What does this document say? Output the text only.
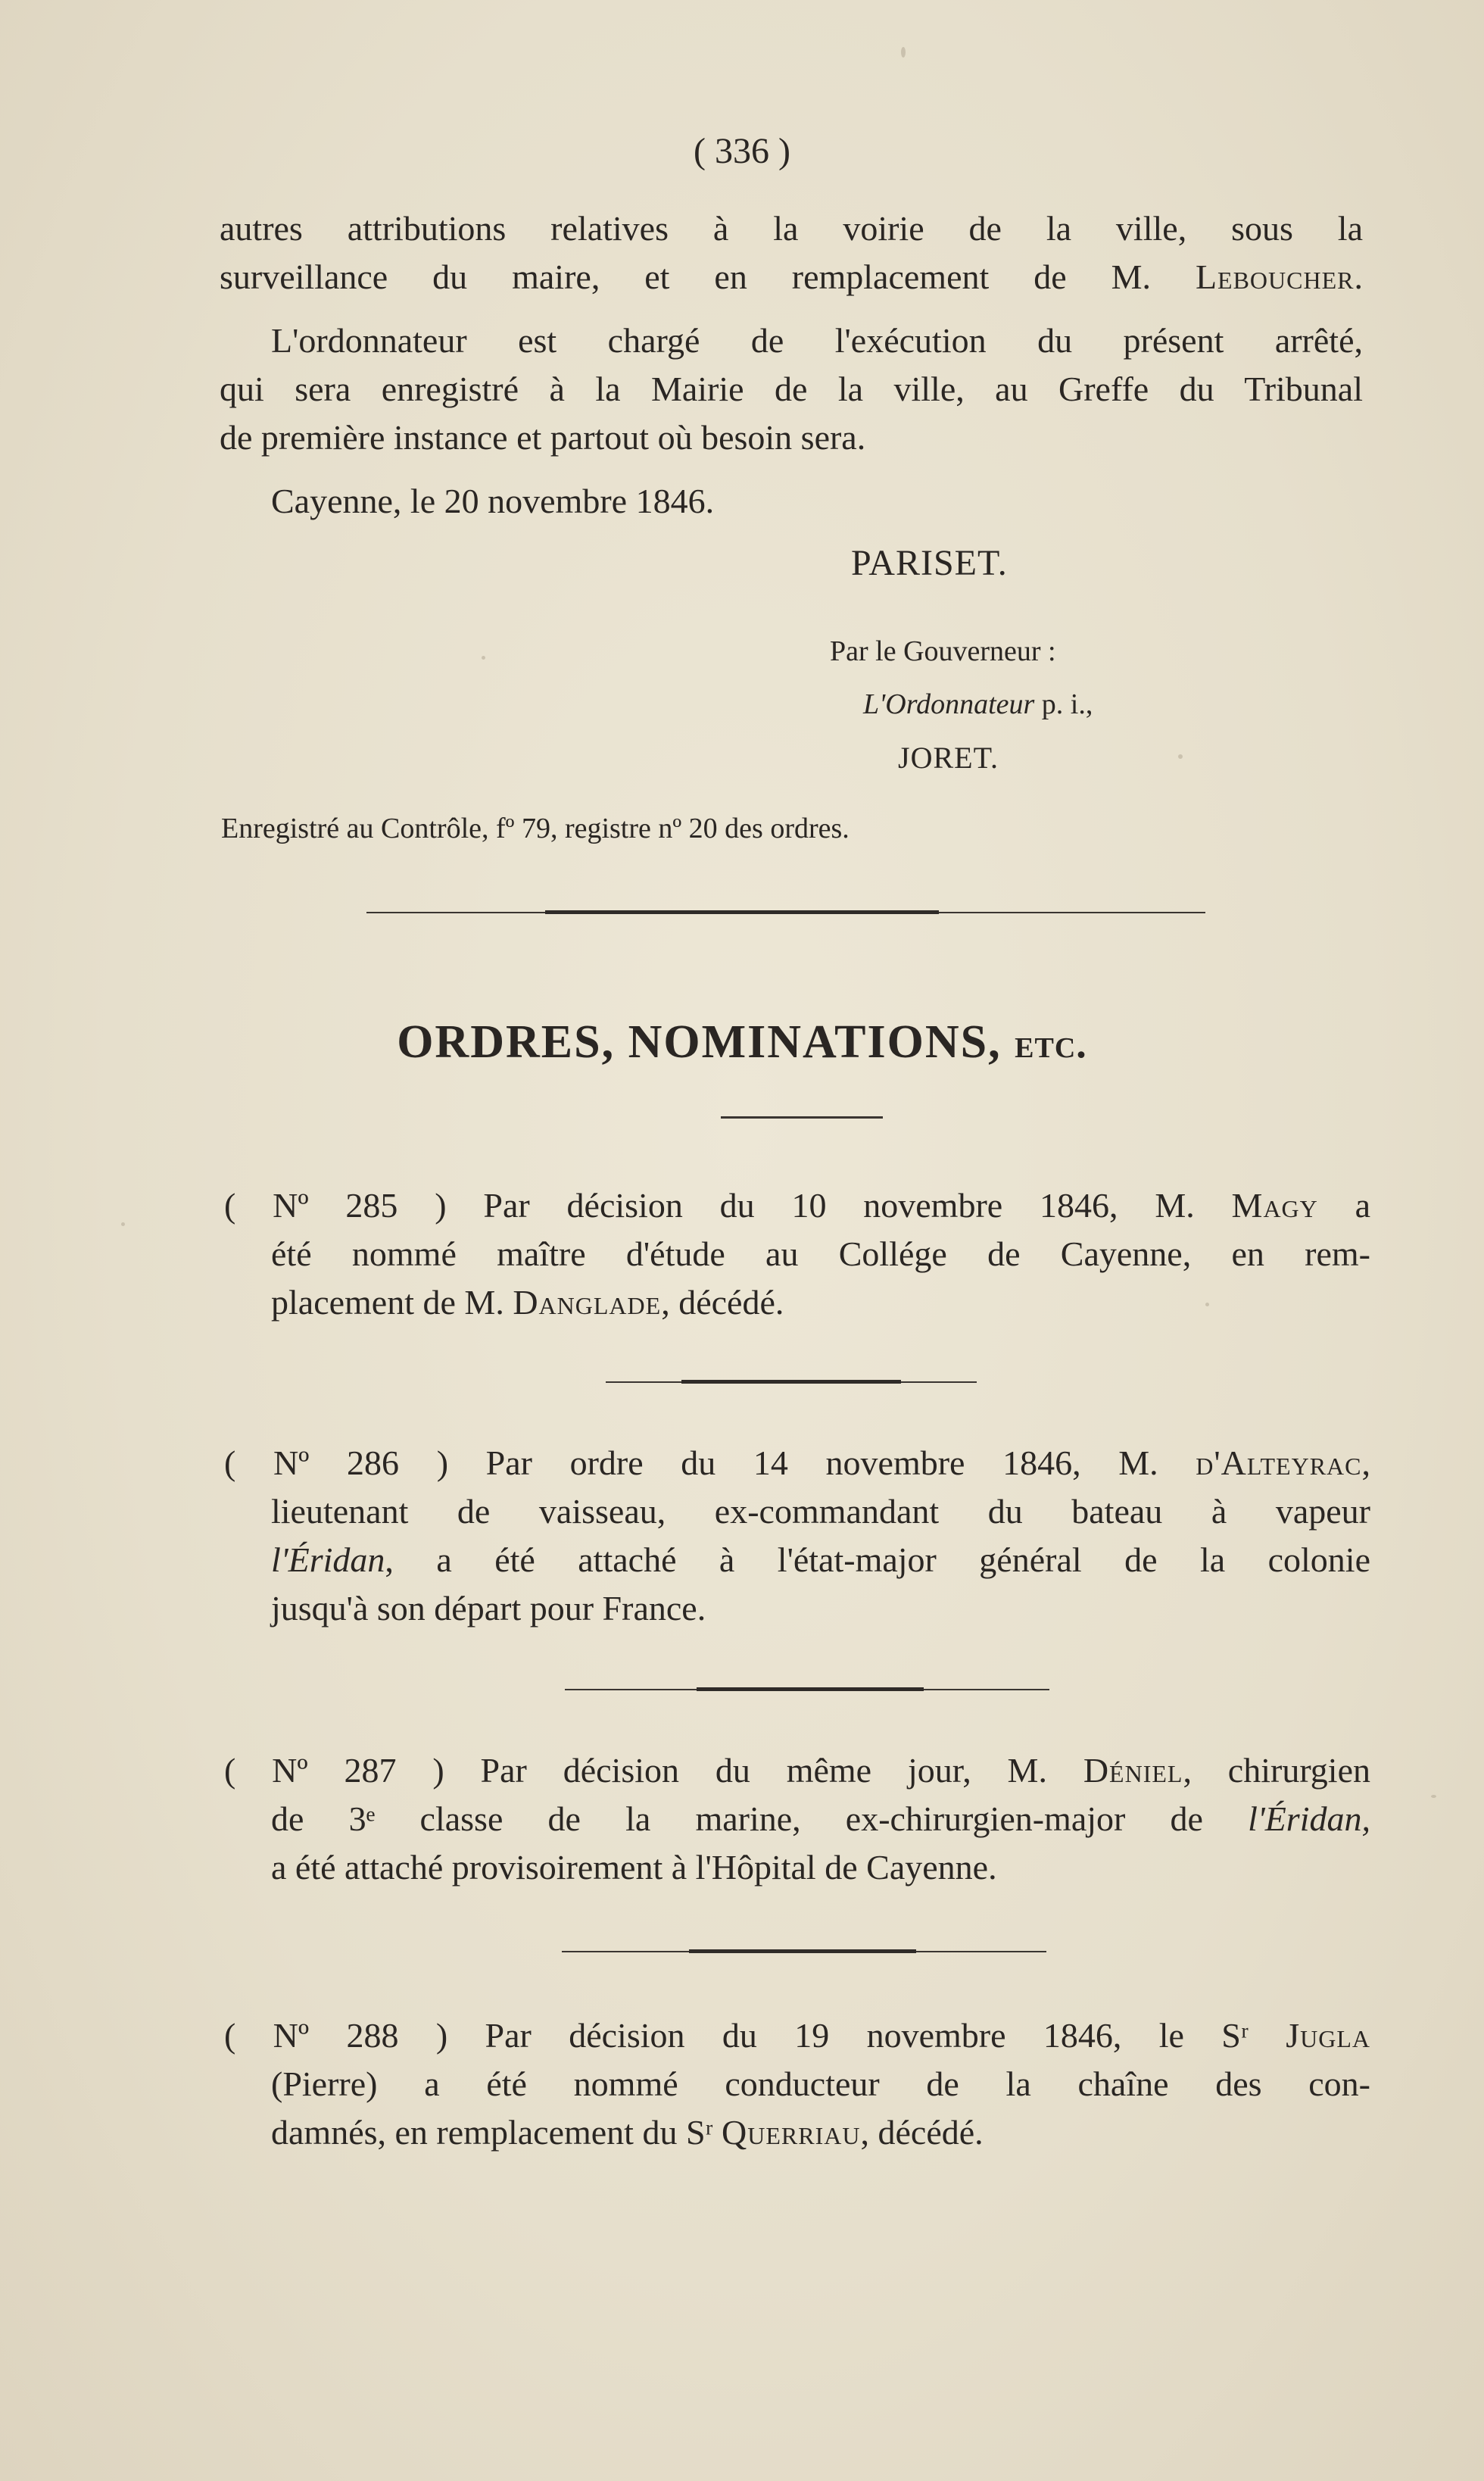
( 336 )
autres attributions relatives à la voirie de la ville, sous la
surveillance du maire, et en remplacement de M. Leboucher.
L'ordonnateur est chargé de l'exécution du présent arrêté,
qui sera enregistré à la Mairie de la ville, au Greffe du Tribunal
de première instance et partout où besoin sera.
Cayenne, le 20 novembre 1846.
PARISET.
Par le Gouverneur :
L'Ordonnateur p. i.,
JORET.
Enregistré au Contrôle, fº 79, registre nº 20 des ordres.
ORDRES, NOMINATIONS, etc.
( Nº 285 ) Par décision du 10 novembre 1846, M. Magy a
été nommé maître d'étude au Collége de Cayenne, en rem-
placement de M. Danglade, décédé.
( Nº 286 ) Par ordre du 14 novembre 1846, M. d'Alteyrac,
lieutenant de vaisseau, ex-commandant du bateau à vapeur
l'Éridan, a été attaché à l'état-major général de la colonie
jusqu'à son départ pour France.
( Nº 287 ) Par décision du même jour, M. Déniel, chirurgien
de 3ᵉ classe de la marine, ex-chirurgien-major de l'Éridan,
a été attaché provisoirement à l'Hôpital de Cayenne.
( Nº 288 ) Par décision du 19 novembre 1846, le Sʳ Jugla
(Pierre) a été nommé conducteur de la chaîne des con-
damnés, en remplacement du Sʳ Querriau, décédé.
